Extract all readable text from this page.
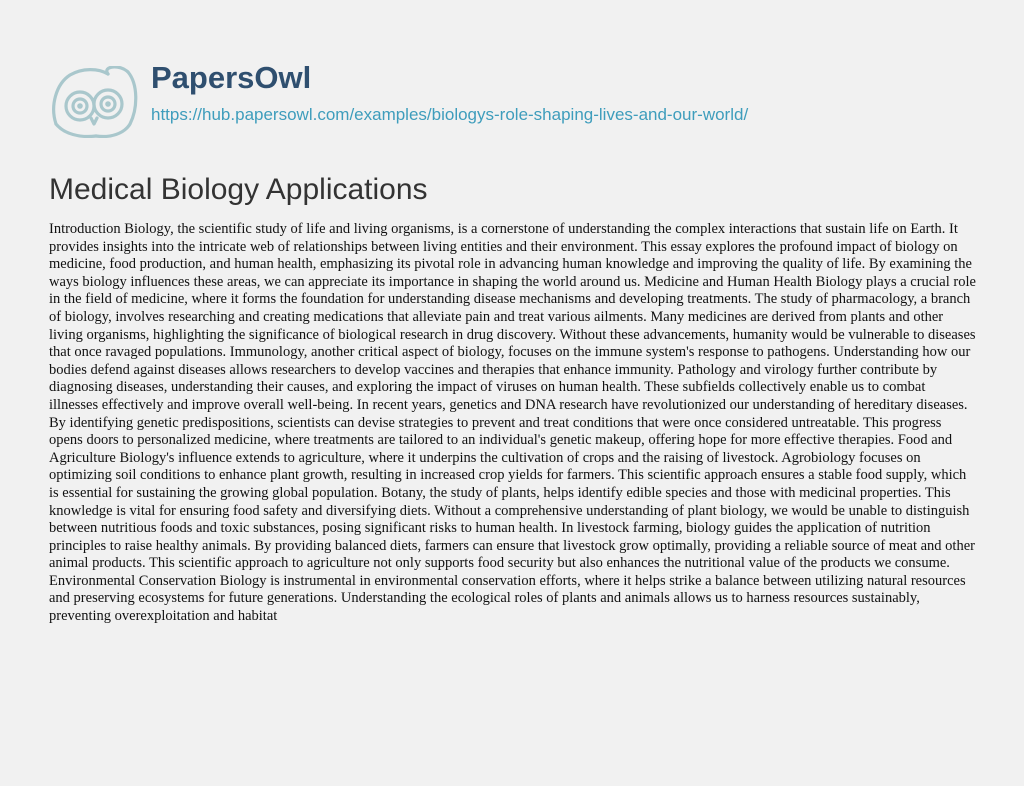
PapersOwl
https://hub.papersowl.com/examples/biologys-role-shaping-lives-and-our-world/
Medical Biology Applications

Introduction Biology, the scientific study of life and living organisms, is a cornerstone of understanding the complex interactions that sustain life on Earth. It provides insights into the intricate web of relationships between living entities and their environment. This essay explores the profound impact of biology on medicine, food production, and human health, emphasizing its pivotal role in advancing human knowledge and improving the quality of life. By examining the ways biology influences these areas, we can appreciate its importance in shaping the world around us. Medicine and Human Health Biology plays a crucial role in the field of medicine, where it forms the foundation for understanding disease mechanisms and developing treatments. The study of pharmacology, a branch of biology, involves researching and creating medications that alleviate pain and treat various ailments. Many medicines are derived from plants and other living organisms, highlighting the significance of biological research in drug discovery. Without these advancements, humanity would be vulnerable to diseases that once ravaged populations. Immunology, another critical aspect of biology, focuses on the immune system's response to pathogens. Understanding how our bodies defend against diseases allows researchers to develop vaccines and therapies that enhance immunity. Pathology and virology further contribute by diagnosing diseases, understanding their causes, and exploring the impact of viruses on human health. These subfields collectively enable us to combat illnesses effectively and improve overall well-being. In recent years, genetics and DNA research have revolutionized our understanding of hereditary diseases. By identifying genetic predispositions, scientists can devise strategies to prevent and treat conditions that were once considered untreatable. This progress opens doors to personalized medicine, where treatments are tailored to an individual's genetic makeup, offering hope for more effective therapies. Food and Agriculture Biology's influence extends to agriculture, where it underpins the cultivation of crops and the raising of livestock. Agrobiology focuses on optimizing soil conditions to enhance plant growth, resulting in increased crop yields for farmers. This scientific approach ensures a stable food supply, which is essential for sustaining the growing global population. Botany, the study of plants, helps identify edible species and those with medicinal properties. This knowledge is vital for ensuring food safety and diversifying diets. Without a comprehensive understanding of plant biology, we would be unable to distinguish between nutritious foods and toxic substances, posing significant risks to human health. In livestock farming, biology guides the application of nutrition principles to raise healthy animals. By providing balanced diets, farmers can ensure that livestock grow optimally, providing a reliable source of meat and other animal products. This scientific approach to agriculture not only supports food security but also enhances the nutritional value of the products we consume. Environmental Conservation Biology is instrumental in environmental conservation efforts, where it helps strike a balance between utilizing natural resources and preserving ecosystems for future generations. Understanding the ecological roles of plants and animals allows us to harness resources sustainably, preventing overexploitation and habitat
